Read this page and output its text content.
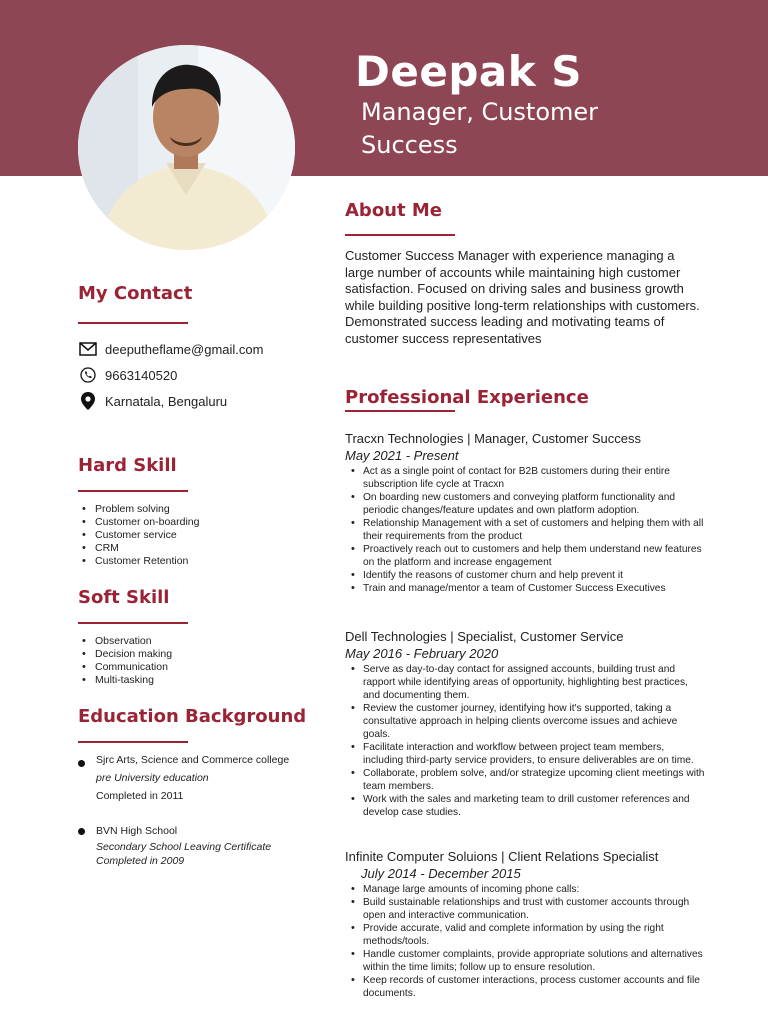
Deepak S
Manager, Customer Success
My Contact
deeputheflame@gmail.com
9663140520
Karnatala, Bengaluru
Hard Skill
• Problem solving
• Customer on-boarding
• Customer service
• CRM
• Customer Retention
Soft Skill
• Observation
• Decision making
• Communication
• Multi-tasking
Education Background
Sjrc Arts, Science and Commerce college
pre University education
Completed in 2011
BVN High School
Secondary School Leaving Certificate
Completed in 2009
About Me

Customer Success Manager with experience managing a large number of accounts while maintaining high customer satisfaction. Focused on driving sales and business growth while building positive long-term relationships with customers. Demonstrated success leading and motivating teams of customer success representatives

Professional Experience
Tracxn Technologies | Manager, Customer Success
May 2021 - Present
• Act as a single point of contact for B2B customers during their entire subscription life cycle at Tracxn
• On boarding new customers and conveying platform functionality and periodic changes/feature updates and own platform adoption.
• Relationship Management with a set of customers and helping them with all their requirements from the product
• Proactively reach out to customers and help them understand new features on the platform and increase engagement
• Identify the reasons of customer churn and help prevent it
• Train and manage/mentor a team of Customer Success Executives
Dell Technologies | Specialist, Customer Service
May 2016 - February 2020
• Serve as day-to-day contact for assigned accounts, building trust and rapport while identifying areas of opportunity, highlighting best practices, and documenting them.
• Review the customer journey, identifying how it's supported, taking a consultative approach in helping clients overcome issues and achieve goals.
• Facilitate interaction and workflow between project team members, including third-party service providers, to ensure deliverables are on time.
• Collaborate, problem solve, and/or strategize upcoming client meetings with team members.
• Work with the sales and marketing team to drill customer references and develop case studies.
Infinite Computer Soluions | Client Relations Specialist
July 2014 - December 2015
• Manage large amounts of incoming phone calls:
• Build sustainable relationships and trust with customer accounts through open and interactive communication.
• Provide accurate, valid and complete information by using the right methods/tools.
• Handle customer complaints, provide appropriate solutions and alternatives within the time limits; follow up to ensure resolution.
• Keep records of customer interactions, process customer accounts and file documents.
